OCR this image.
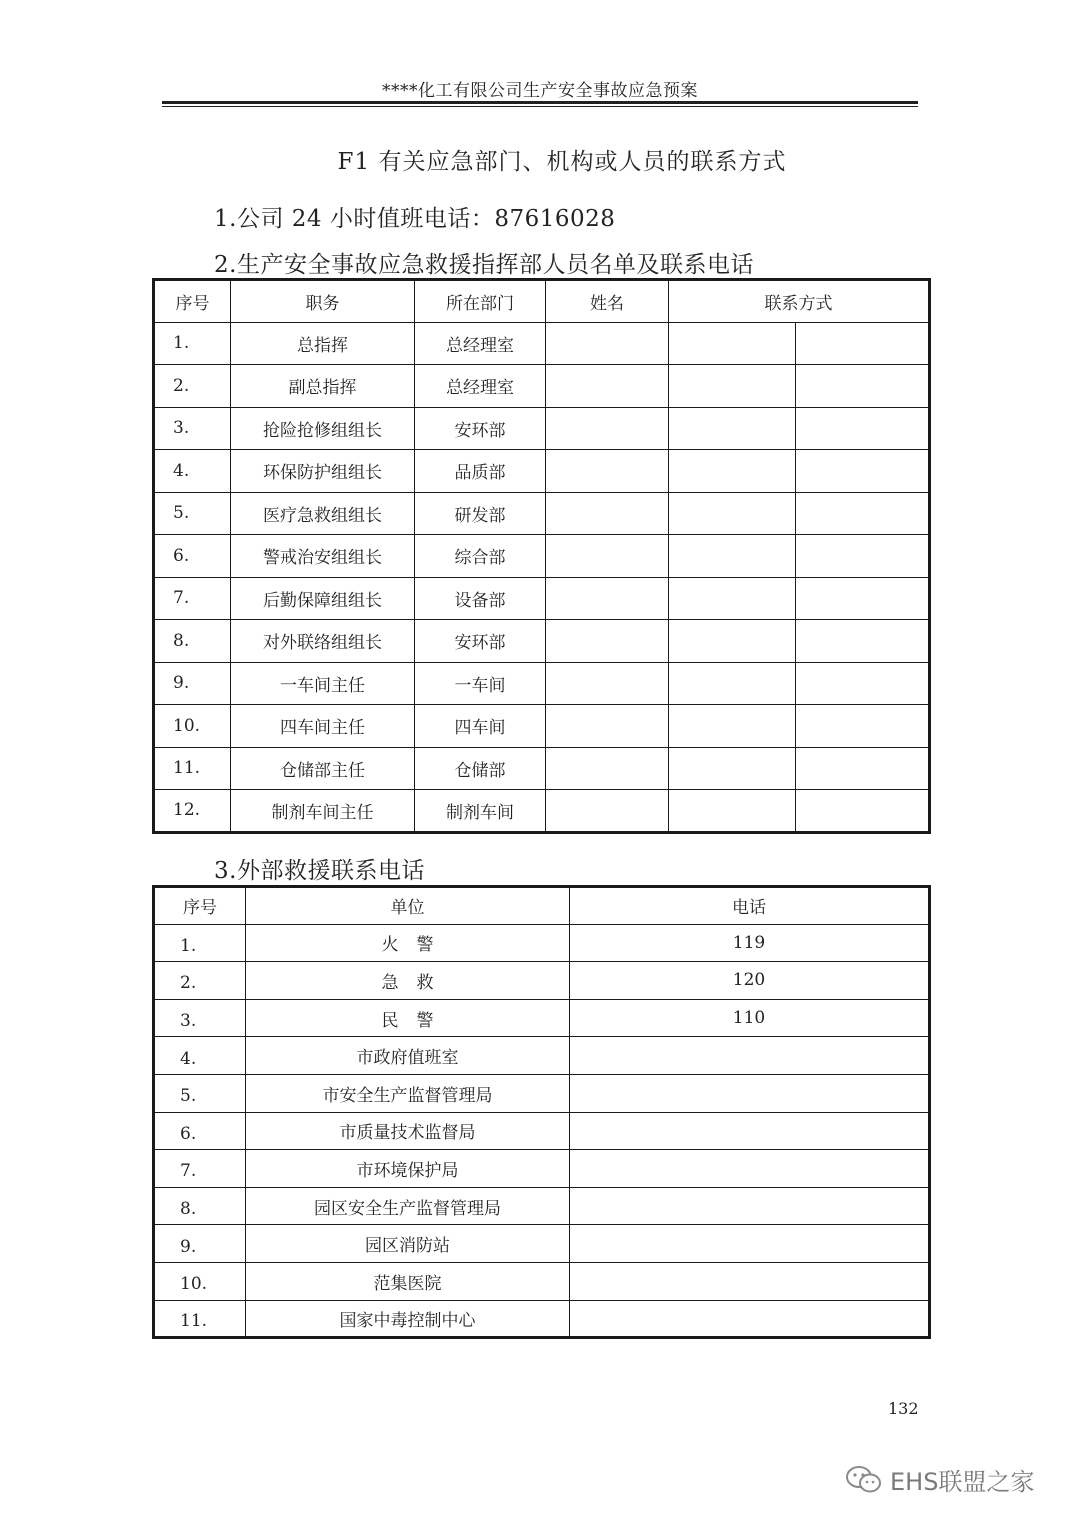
****化工有限公司生产安全事故应急预案
F1 有关应急部门、机构或人员的联系方式
1.公司 24 小时值班电话：87616028
2.生产安全事故应急救援指挥部人员名单及联系电话
序号	职务	所在部门	姓名	联系方式	
1.	总指挥	总经理室			
2.	副总指挥	总经理室			
3.	抢险抢修组组长	安环部			
4.	环保防护组组长	品质部			
5.	医疗急救组组长	研发部			
6.	警戒治安组组长	综合部			
7.	后勤保障组组长	设备部			
8.	对外联络组组长	安环部			
9.	一车间主任	一车间			
10.	四车间主任	四车间			
11.	仓储部主任	仓储部			
12.	制剂车间主任	制剂车间			
3.外部救援联系电话
序号	单位	电话
1.	火警	119
2.	急救	120
3.	民警	110
4.	市政府值班室	
5.	市安全生产监督管理局	
6.	市质量技术监督局	
7.	市环境保护局	
8.	园区安全生产监督管理局	
9.	园区消防站	
10.	范集医院	
11.	国家中毒控制中心	
132
EHS联盟之家
